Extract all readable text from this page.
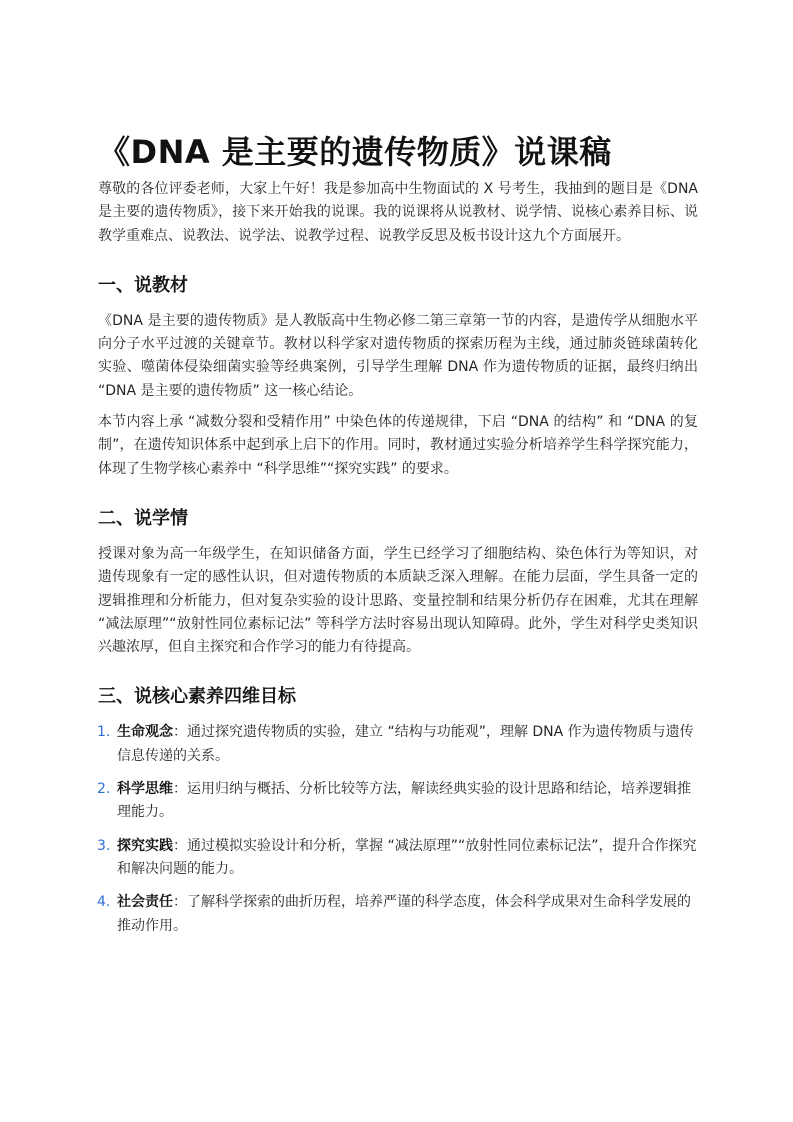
《DNA 是主要的遗传物质》说课稿

尊敬的各位评委老师，大家上午好！我是参加高中生物面试的 X 号考生，我抽到的题目是《DNA 是主要的遗传物质》，接下来开始我的说课。我的说课将从说教材、说学情、说核心素养目标、说教学重难点、说教法、说学法、说教学过程、说教学反思及板书设计这九个方面展开。

一、说教材

《DNA 是主要的遗传物质》是人教版高中生物必修二第三章第一节的内容，是遗传学从细胞水平向分子水平过渡的关键章节。教材以科学家对遗传物质的探索历程为主线，通过肺炎链球菌转化实验、噬菌体侵染细菌实验等经典案例，引导学生理解 DNA 作为遗传物质的证据，最终归纳出 “DNA 是主要的遗传物质” 这一核心结论。

本节内容上承 “减数分裂和受精作用” 中染色体的传递规律，下启 “DNA 的结构” 和 “DNA 的复制”，在遗传知识体系中起到承上启下的作用。同时，教材通过实验分析培养学生科学探究能力，体现了生物学核心素养中 “科学思维”“探究实践” 的要求。

二、说学情

授课对象为高一年级学生，在知识储备方面，学生已经学习了细胞结构、染色体行为等知识，对遗传现象有一定的感性认识，但对遗传物质的本质缺乏深入理解。在能力层面，学生具备一定的逻辑推理和分析能力，但对复杂实验的设计思路、变量控制和结果分析仍存在困难，尤其在理解 “减法原理”“放射性同位素标记法” 等科学方法时容易出现认知障碍。此外，学生对科学史类知识兴趣浓厚，但自主探究和合作学习的能力有待提高。

三、说核心素养四维目标
1. 生命观念：通过探究遗传物质的实验，建立 “结构与功能观”，理解 DNA 作为遗传物质与遗传信息传递的关系。
2. 科学思维：运用归纳与概括、分析比较等方法，解读经典实验的设计思路和结论，培养逻辑推理能力。
3. 探究实践：通过模拟实验设计和分析，掌握 “减法原理”“放射性同位素标记法”，提升合作探究和解决问题的能力。
4. 社会责任：了解科学探索的曲折历程，培养严谨的科学态度，体会科学成果对生命科学发展的推动作用。
